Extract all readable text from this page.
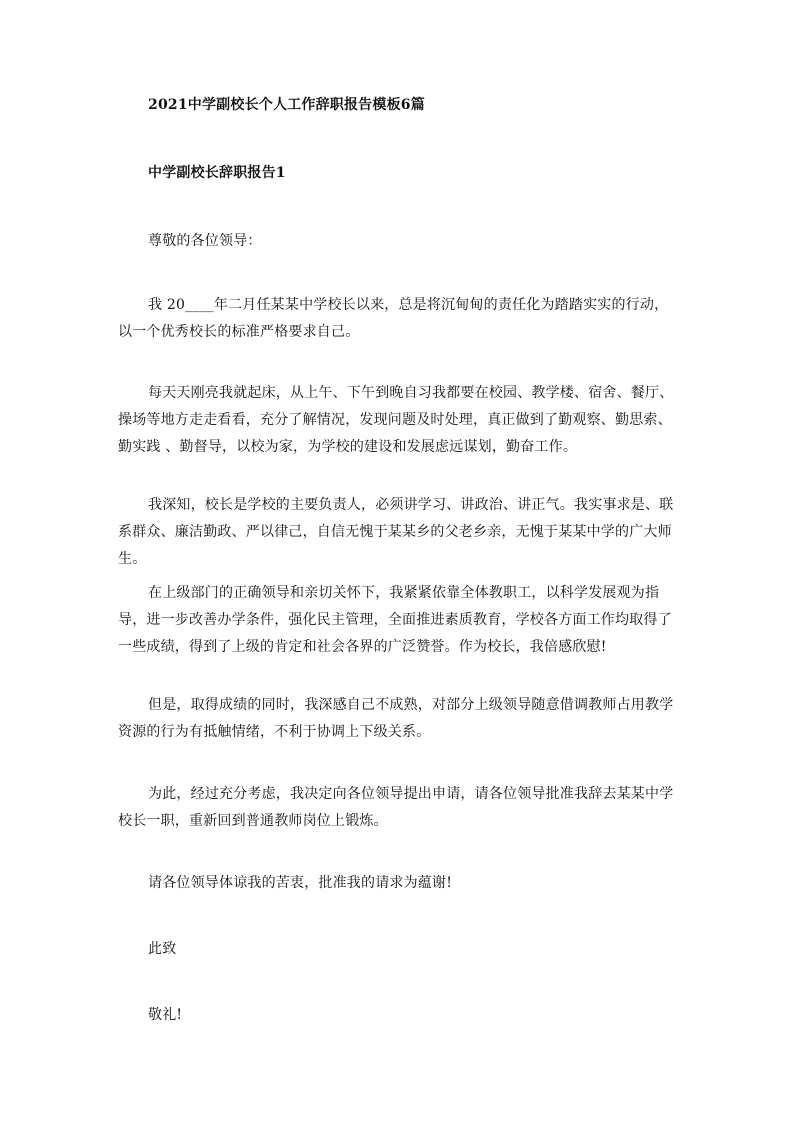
2021中学副校长个人工作辞职报告模板6篇
中学副校长辞职报告1
尊敬的各位领导：
我 20____年二月任某某中学校长以来，总是将沉甸甸的责任化为踏踏实实的行动，以一个优秀校长的标准严格要求自己。
每天天刚亮我就起床，从上午、下午到晚自习我都要在校园、教学楼、宿舍、餐厅、操场等地方走走看看，充分了解情况，发现问题及时处理，真正做到了勤观察、勤思索、勤实践 、勤督导，以校为家，为学校的建设和发展虑远谋划，勤奋工作。
我深知，校长是学校的主要负责人，必须讲学习、讲政治、讲正气。我实事求是、联系群众、廉洁勤政、严以律己，自信无愧于某某乡的父老乡亲，无愧于某某中学的广大师生。
在上级部门的正确领导和亲切关怀下，我紧紧依靠全体教职工，以科学发展观为指导，进一步改善办学条件，强化民主管理，全面推进素质教育，学校各方面工作均取得了一些成绩，得到了上级的肯定和社会各界的广泛赞誉。作为校长，我倍感欣慰!
但是，取得成绩的同时，我深感自己不成熟，对部分上级领导随意借调教师占用教学资源的行为有抵触情绪，不利于协调上下级关系。
为此，经过充分考虑，我决定向各位领导提出申请，请各位领导批准我辞去某某中学校长一职，重新回到普通教师岗位上锻炼。
请各位领导体谅我的苦衷，批准我的请求为蕴谢!
此致
敬礼!
